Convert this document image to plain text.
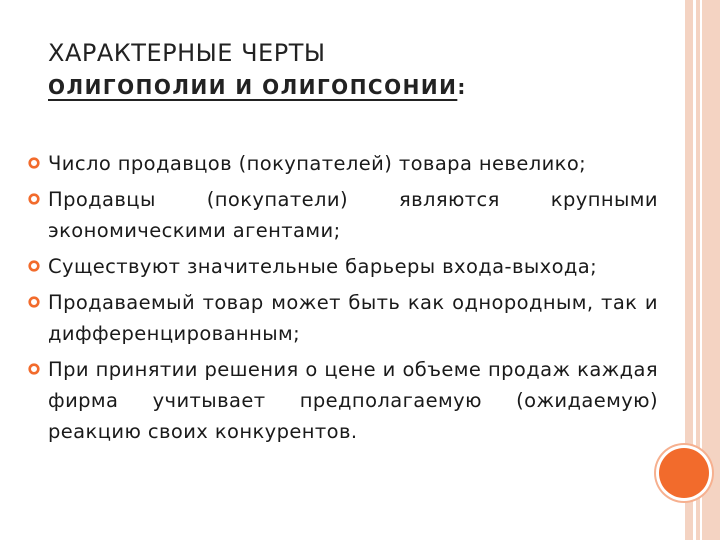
ХАРАКТЕРНЫЕ ЧЕРТЫ
ОЛИГОПОЛИИ И ОЛИГОПСОНИИ:
Число продавцов (покупателей) товара невелико;
Продавцы (покупатели) являются крупными экономическими агентами;
Существуют значительные барьеры входа-выхода;
Продаваемый товар может быть как однородным, так и дифференцированным;
При принятии решения о цене и объеме продаж каждая фирма учитывает предполагаемую (ожидаемую) реакцию своих конкурентов.
